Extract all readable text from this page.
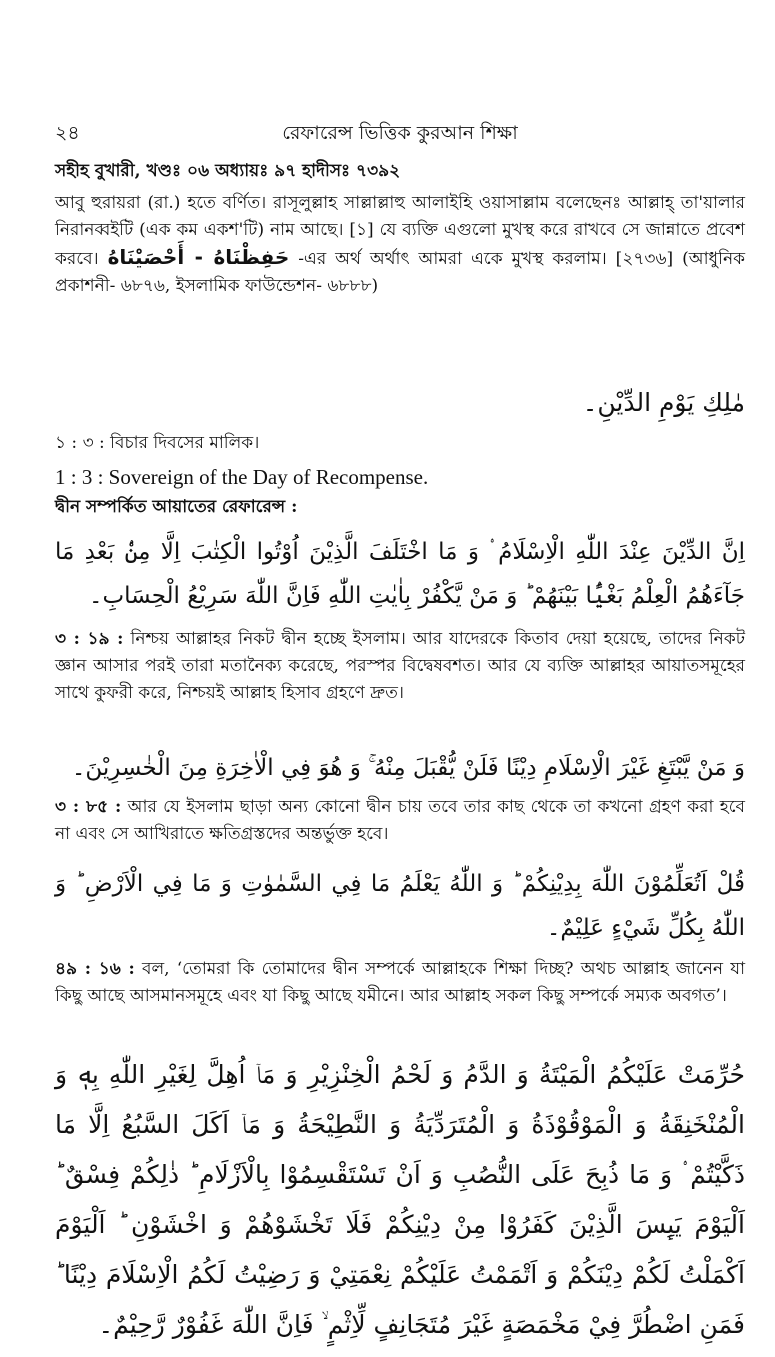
২৪	রেফারেন্স ভিত্তিক কুরআন শিক্ষা
সহীহ বুখারী, খণ্ডঃ ০৬ অধ্যায়ঃ ৯৭ হাদীসঃ ৭৩৯২
আবু হুরায়রা (রা.) হতে বর্ণিত। রাসূলুল্লাহ সাল্লাল্লাহু আলাইহি ওয়াসাল্লাম বলেছেনঃ আল্লাহ্ তা'য়ালার নিরানব্বইটি (এক কম একশ'টি) নাম আছে। [১] যে ব্যক্তি এগুলো মুখস্থ করে রাখবে সে জান্নাতে প্রবেশ করবে। حَفِظْنَاهُ - أَحْصَيْنَاهُ -এর অর্থ অর্থাৎ আমরা একে মুখস্থ করলাম। [২৭৩৬] (আধুনিক প্রকাশনী- ৬৮৭৬, ইসলামিক ফাউন্ডেশন- ৬৮৮৮)
مٰلِكِ يَوْمِ الدِّيْنِ۔
১ : ৩ : বিচার দিবসের মালিক।
1 : 3 : Sovereign of the Day of Recompense.
দ্বীন সম্পর্কিত আয়াতের রেফারেন্স :
اِنَّ الدِّيْنَ عِنْدَ اللّٰهِ الْاِسْلَامُ ۟ وَ مَا اخْتَلَفَ الَّذِيْنَ اُوْتُوا الْكِتٰبَ اِلَّا مِنْۢ بَعْدِ مَا جَآءَهُمُ الْعِلْمُ بَغْيًۢا بَيْنَهُمْ ؕ وَ مَنْ يَّكْفُرْ بِاٰيٰتِ اللّٰهِ فَاِنَّ اللّٰهَ سَرِيْعُ الْحِسَابِ۔
৩ : ১৯ : নিশ্চয় আল্লাহর নিকট দ্বীন হচ্ছে ইসলাম। আর যাদেরকে কিতাব দেয়া হয়েছে, তাদের নিকট জ্ঞান আসার পরই তারা মতানৈক্য করেছে, পরস্পর বিদ্বেষবশত। আর যে ব্যক্তি আল্লাহর আয়াতসমূহের সাথে কুফরী করে, নিশ্চয়ই আল্লাহ হিসাব গ্রহণে দ্রুত।
وَ مَنْ يَّبْتَغِ غَيْرَ الْاِسْلَامِ دِيْنًا فَلَنْ يُّقْبَلَ مِنْهُ ۚ وَ هُوَ فِي الْاٰخِرَةِ مِنَ الْخٰسِرِيْنَ۔
৩ : ৮৫ : আর যে ইসলাম ছাড়া অন্য কোনো দ্বীন চায় তবে তার কাছ থেকে তা কখনো গ্রহণ করা হবে না এবং সে আখিরাতে ক্ষতিগ্রস্তদের অন্তর্ভুক্ত হবে।
قُلْ اَتُعَلِّمُوْنَ اللّٰهَ بِدِيْنِكُمْ ؕ وَ اللّٰهُ يَعْلَمُ مَا فِي السَّمٰوٰتِ وَ مَا فِي الْاَرْضِ ؕ وَ اللّٰهُ بِكُلِّ شَيْءٍ عَلِيْمٌ۔
৪৯ : ১৬ : বল, ‘তোমরা কি তোমাদের দ্বীন সম্পর্কে আল্লাহকে শিক্ষা দিচ্ছ? অথচ আল্লাহ জানেন যা কিছু আছে আসমানসমূহে এবং যা কিছু আছে যমীনে। আর আল্লাহ সকল কিছু সম্পর্কে সম্যক অবগত’।
حُرِّمَتْ عَلَيْكُمُ الْمَيْتَةُ وَ الدَّمُ وَ لَحْمُ الْخِنْزِيْرِ وَ مَاۤ اُهِلَّ لِغَيْرِ اللّٰهِ بِهٖ وَ الْمُنْخَنِقَةُ وَ الْمَوْقُوْذَةُ وَ الْمُتَرَدِّيَةُ وَ النَّطِيْحَةُ وَ مَاۤ اَكَلَ السَّبُعُ اِلَّا مَا ذَكَّيْتُمْ ۟ وَ مَا ذُبِحَ عَلَى النُّصُبِ وَ اَنْ تَسْتَقْسِمُوْا بِالْاَزْلَامِ ؕ ذٰلِكُمْ فِسْقٌ ؕ اَلْيَوْمَ يَىِٕسَ الَّذِيْنَ كَفَرُوْا مِنْ دِيْنِكُمْ فَلَا تَخْشَوْهُمْ وَ اخْشَوْنِ ؕ اَلْيَوْمَ اَكْمَلْتُ لَكُمْ دِيْنَكُمْ وَ اَتْمَمْتُ عَلَيْكُمْ نِعْمَتِيْ وَ رَضِيْتُ لَكُمُ الْاِسْلَامَ دِيْنًا ؕ فَمَنِ اضْطُرَّ فِيْ مَخْمَصَةٍ غَيْرَ مُتَجَانِفٍ لِّاِثْمٍ ۙ فَاِنَّ اللّٰهَ غَفُوْرٌ رَّحِيْمٌ۔
